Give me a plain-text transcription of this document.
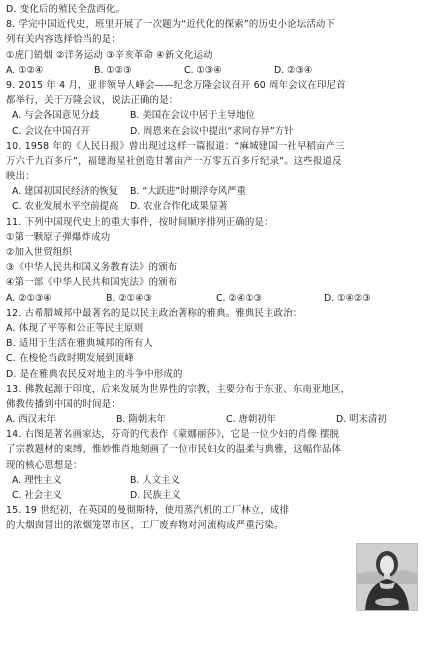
D. 变化后的殖民全盘西化。
8. 学完中国近代史，班里开展了一次题为“近代化的探索”的历史小论坛活动下
列有关内容选择恰当的是：
①虎门销烟 ②洋务运动 ③辛亥革命 ④新文化运动
A. ①②④	B. ①②③	C. ①③④	D. ②③④
9. 2015 年 4 月，亚非领导人峰会——纪念万隆会议召开 60 周年会议在印尼首
都举行，关于万隆会议，说法正确的是：
A. 与会各国意见分歧	B. 美国在会议中居于主导地位
C. 会议在中国召开	D. 周恩来在会议中提出“求同存异”方针
10. 1958 年的《人民日报》曾出现过这样一篇报道：“麻城建国一社早稻亩产三
万六千九百多斤”，福建海星社创造甘薯亩产一万零五百多斤纪录”。这些报道反
映出：
A. 建国初国民经济的恢复	B. “大跃进”时期浮夸风严重
C. 农业发展水平空前提高	D. 农业合作化成果显著
11. 下列中国现代史上的重大事件，按时间顺序排列正确的是：
①第一颗原子弹爆炸成功
②加入世贸组织
③《中华人民共和国义务教育法》的颁布
④第一部《中华人民共和国宪法》的颁布
A. ②①③④	B. ②①④③	C. ②④①③	D. ①④②③
12. 古希腊城邦中最著名的是以民主政治著称的雅典。雅典民主政治：
A. 体现了平等和公正等民主原则
B. 适用于生活在雅典城邦的所有人
C. 在梭伦当政时期发展到顶峰
D. 是在雅典农民反对地主的斗争中形成的
13. 佛教起源于印度，后来发展为世界性的宗教，主要分布于东亚、东南亚地区，
佛教传播到中国的时间是：
A. 西汉末年	B. 隋朝末年	C. 唐朝初年	D. 明末清初
14. 右图是著名画家达，芬奇的代表作《蒙娜丽莎》，它是一位少妇的肖像 摆脱
了宗教题材的束缚，惟妙惟肖地刻画了一位市民妇女的温柔与典雅，这幅作品体
现的核心思想是：
A. 理性主义	B. 人文主义
C. 社会主义	D. 民族主义
15. 19 世纪初，在英国的曼彻斯特，使用蒸汽机的工厂林立，成排
的大烟囱冒出的浓烟笼罩市区，工厂废弃物对河流构成严重污染。
